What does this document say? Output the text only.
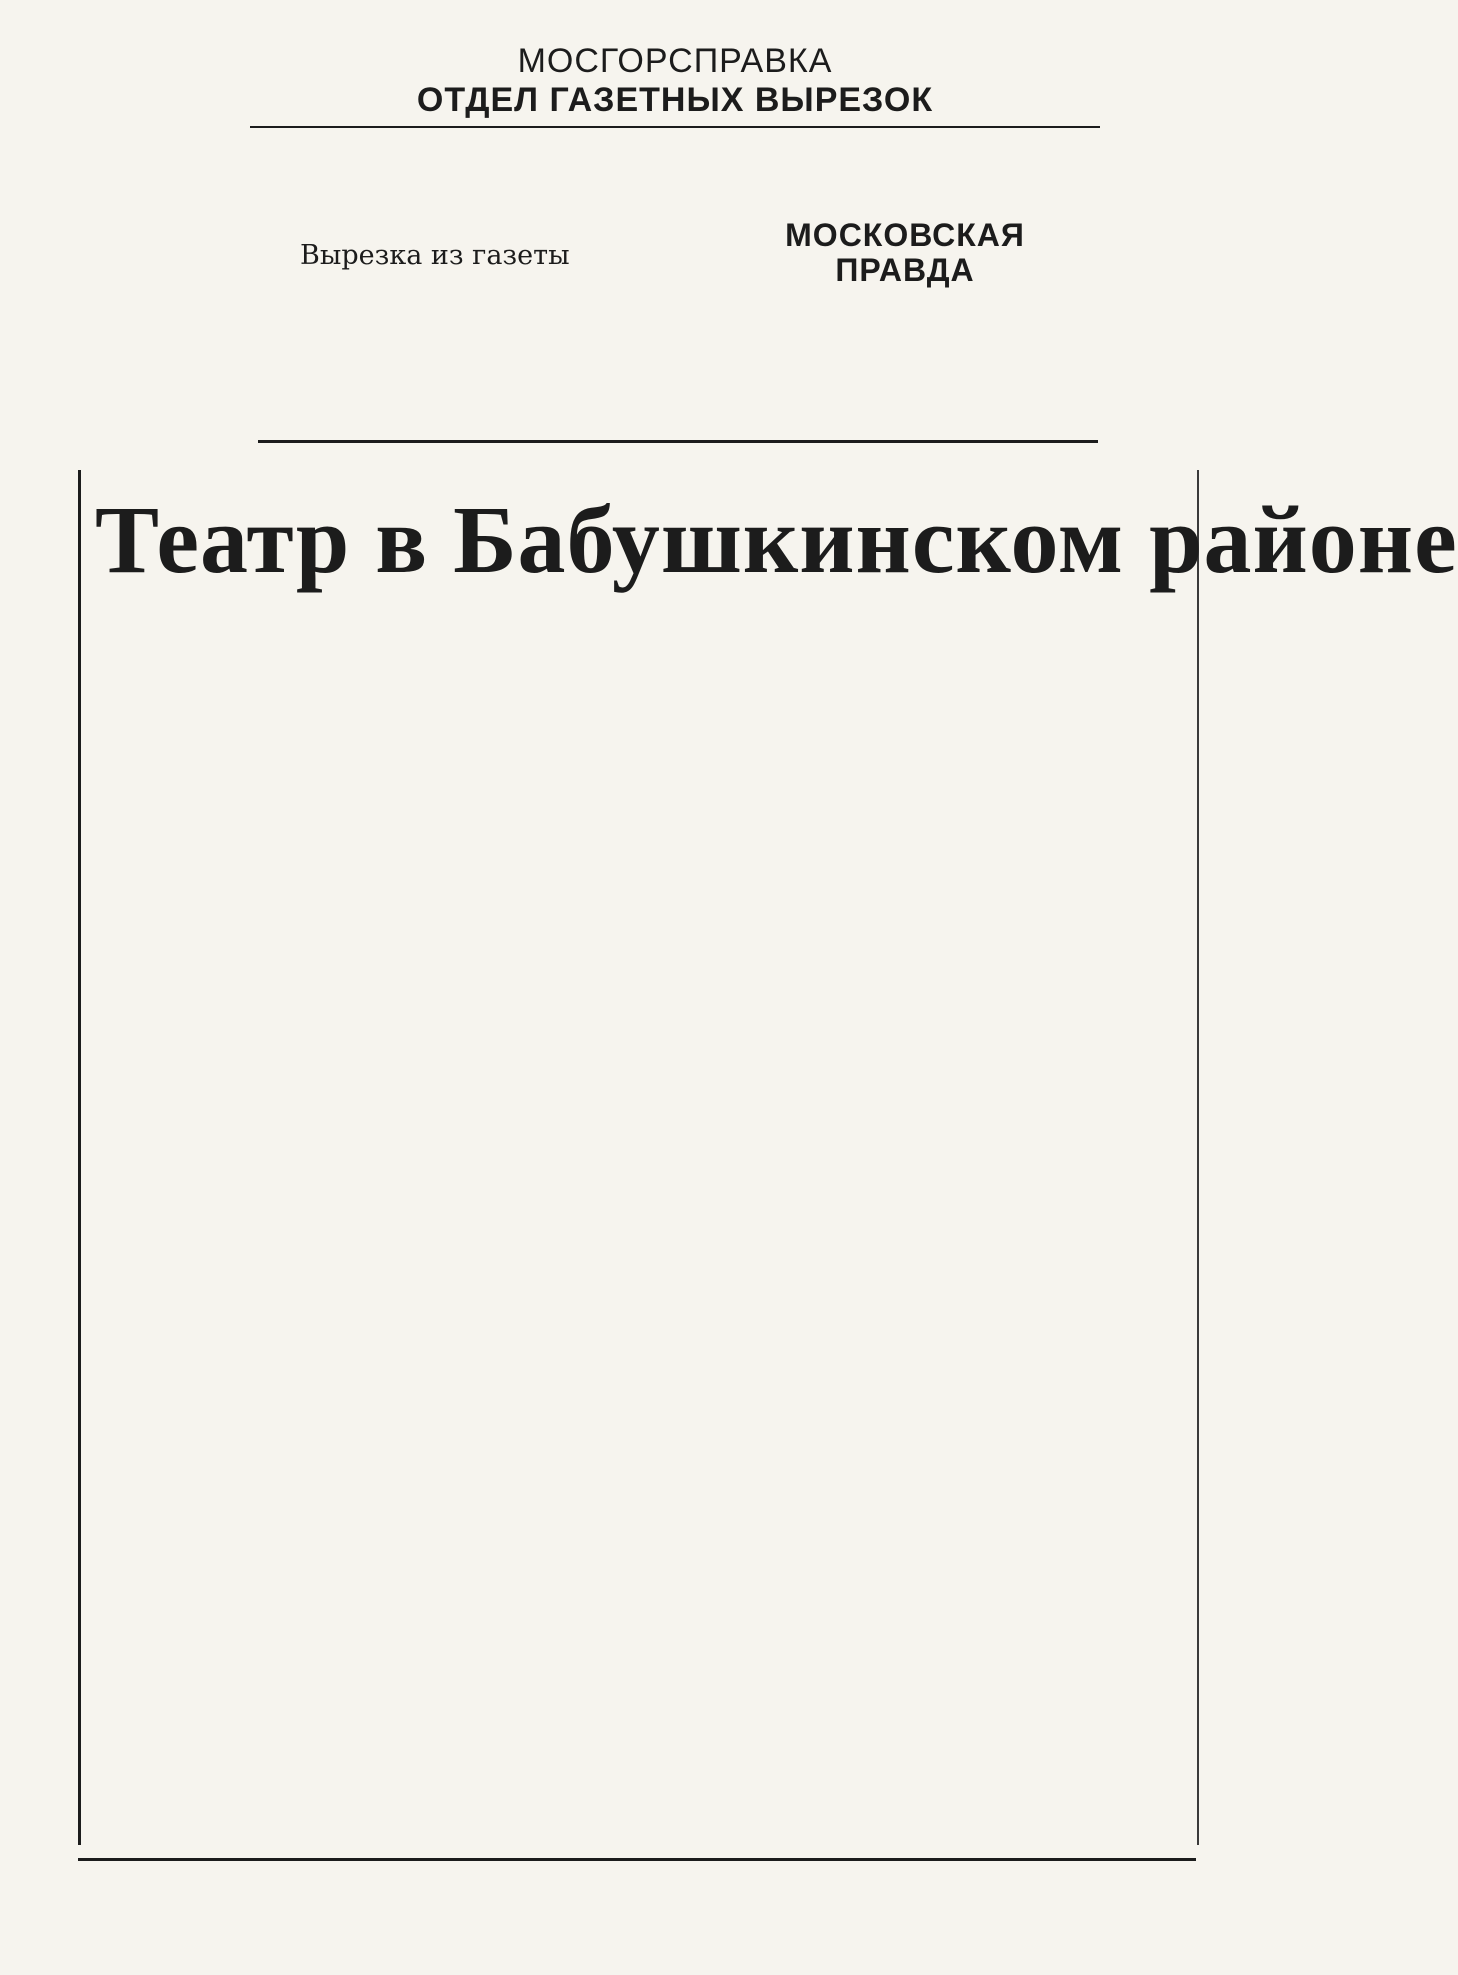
МОСГОРСПРАВКА
ОТДЕЛ ГАЗЕТНЫХ ВЫРЕЗОК
Вырезка из газеты
МОСКОВСКАЯ
ПРАВДА
Театр в Бабушкинском районе
